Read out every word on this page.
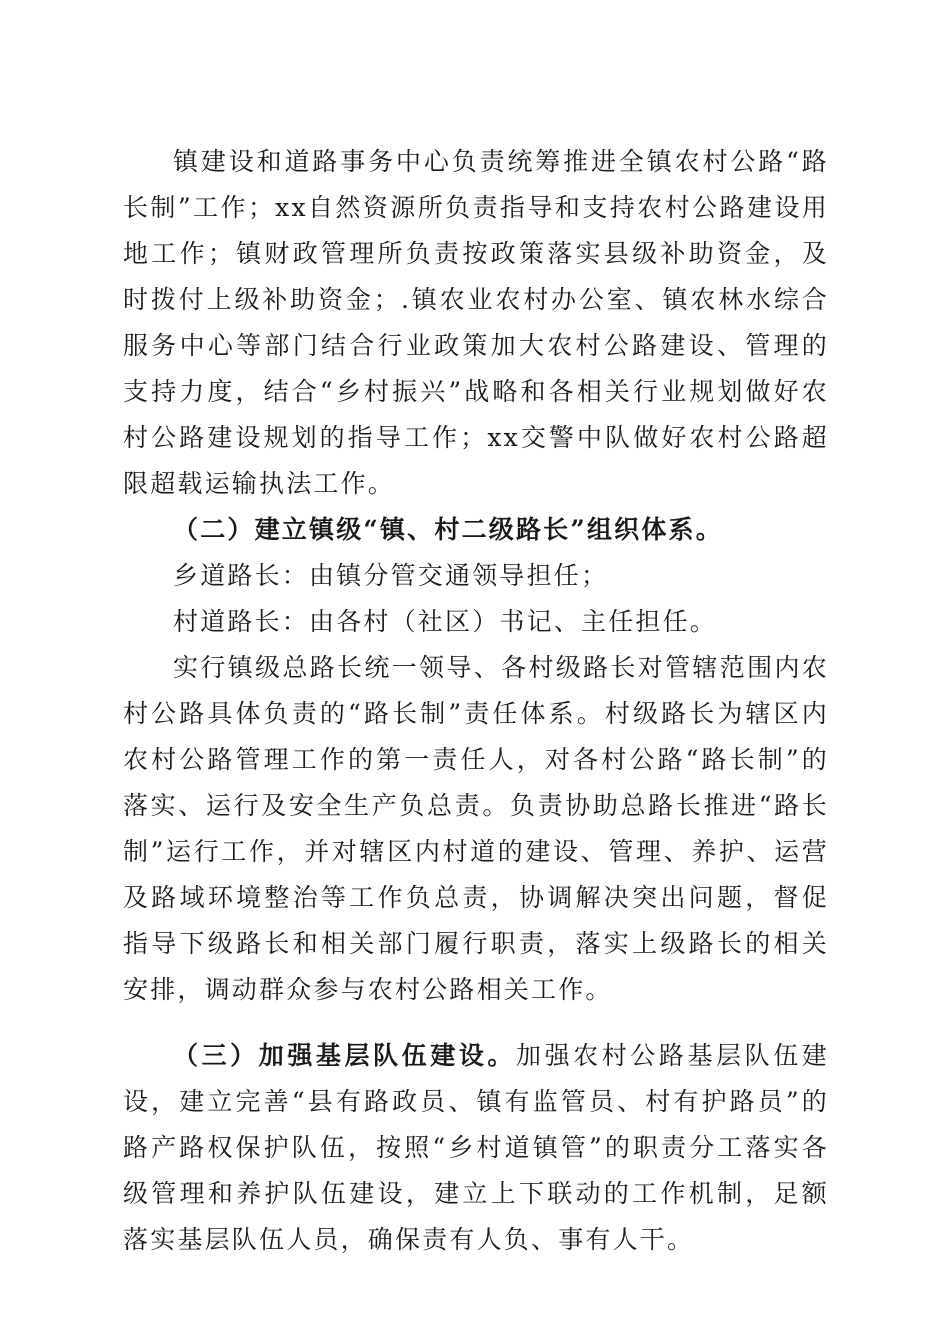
镇建设和道路事务中心负责统筹推进全镇农村公路“路长制”工作；xx自然资源所负责指导和支持农村公路建设用地工作；镇财政管理所负责按政策落实县级补助资金，及时拨付上级补助资金；.镇农业农村办公室、镇农林水综合服务中心等部门结合行业政策加大农村公路建设、管理的支持力度，结合“乡村振兴”战略和各相关行业规划做好农村公路建设规划的指导工作；xx交警中队做好农村公路超限超载运输执法工作。

（二）建立镇级“镇、村二级路长”组织体系。

乡道路长：由镇分管交通领导担任；

村道路长：由各村（社区）书记、主任担任。

实行镇级总路长统一领导、各村级路长对管辖范围内农村公路具体负责的“路长制”责任体系。村级路长为辖区内农村公路管理工作的第一责任人，对各村公路“路长制”的落实、运行及安全生产负总责。负责协助总路长推进“路长制”运行工作，并对辖区内村道的建设、管理、养护、运营及路域环境整治等工作负总责，协调解决突出问题，督促指导下级路长和相关部门履行职责，落实上级路长的相关安排，调动群众参与农村公路相关工作。

（三）加强基层队伍建设。加强农村公路基层队伍建设，建立完善“县有路政员、镇有监管员、村有护路员”的路产路权保护队伍，按照“乡村道镇管”的职责分工落实各级管理和养护队伍建设，建立上下联动的工作机制，足额落实基层队伍人员，确保责有人负、事有人干。
